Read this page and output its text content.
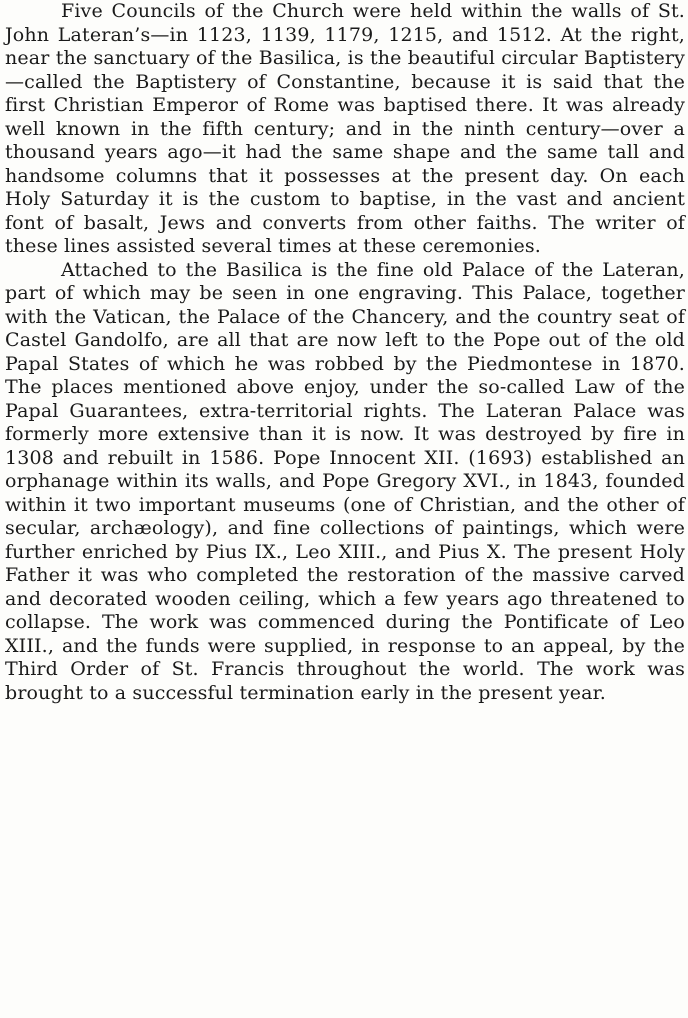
Five Councils of the Church were held within the walls of St. John Lateran’s—in 1123, 1139, 1179, 1215, and 1512. At the right, near the sanctuary of the Basilica, is the beautiful circular Baptistery—called the Baptistery of Constantine, because it is said that the first Christian Emperor of Rome was baptised there. It was already well known in the fifth century; and in the ninth century—over a thousand years ago—it had the same shape and the same tall and handsome columns that it possesses at the present day. On each Holy Saturday it is the custom to baptise, in the vast and ancient font of basalt, Jews and converts from other faiths. The writer of these lines assisted several times at these ceremonies.

Attached to the Basilica is the fine old Palace of the Lateran, part of which may be seen in one engraving. This Palace, together with the Vatican, the Palace of the Chancery, and the country seat of Castel Gandolfo, are all that are now left to the Pope out of the old Papal States of which he was robbed by the Piedmontese in 1870. The places mentioned above enjoy, under the so-called Law of the Papal Guarantees, extra-territorial rights. The Lateran Palace was formerly more extensive than it is now. It was destroyed by fire in 1308 and rebuilt in 1586. Pope Innocent XII. (1693) established an orphanage within its walls, and Pope Gregory XVI., in 1843, founded within it two important museums (one of Christian, and the other of secular, archæology), and fine collections of paintings, which were further enriched by Pius IX., Leo XIII., and Pius X. The present Holy Father it was who completed the restoration of the massive carved and decorated wooden ceiling, which a few years ago threatened to collapse. The work was commenced during the Pontificate of Leo XIII., and the funds were supplied, in response to an appeal, by the Third Order of St. Francis throughout the world. The work was brought to a successful termination early in the present year.
